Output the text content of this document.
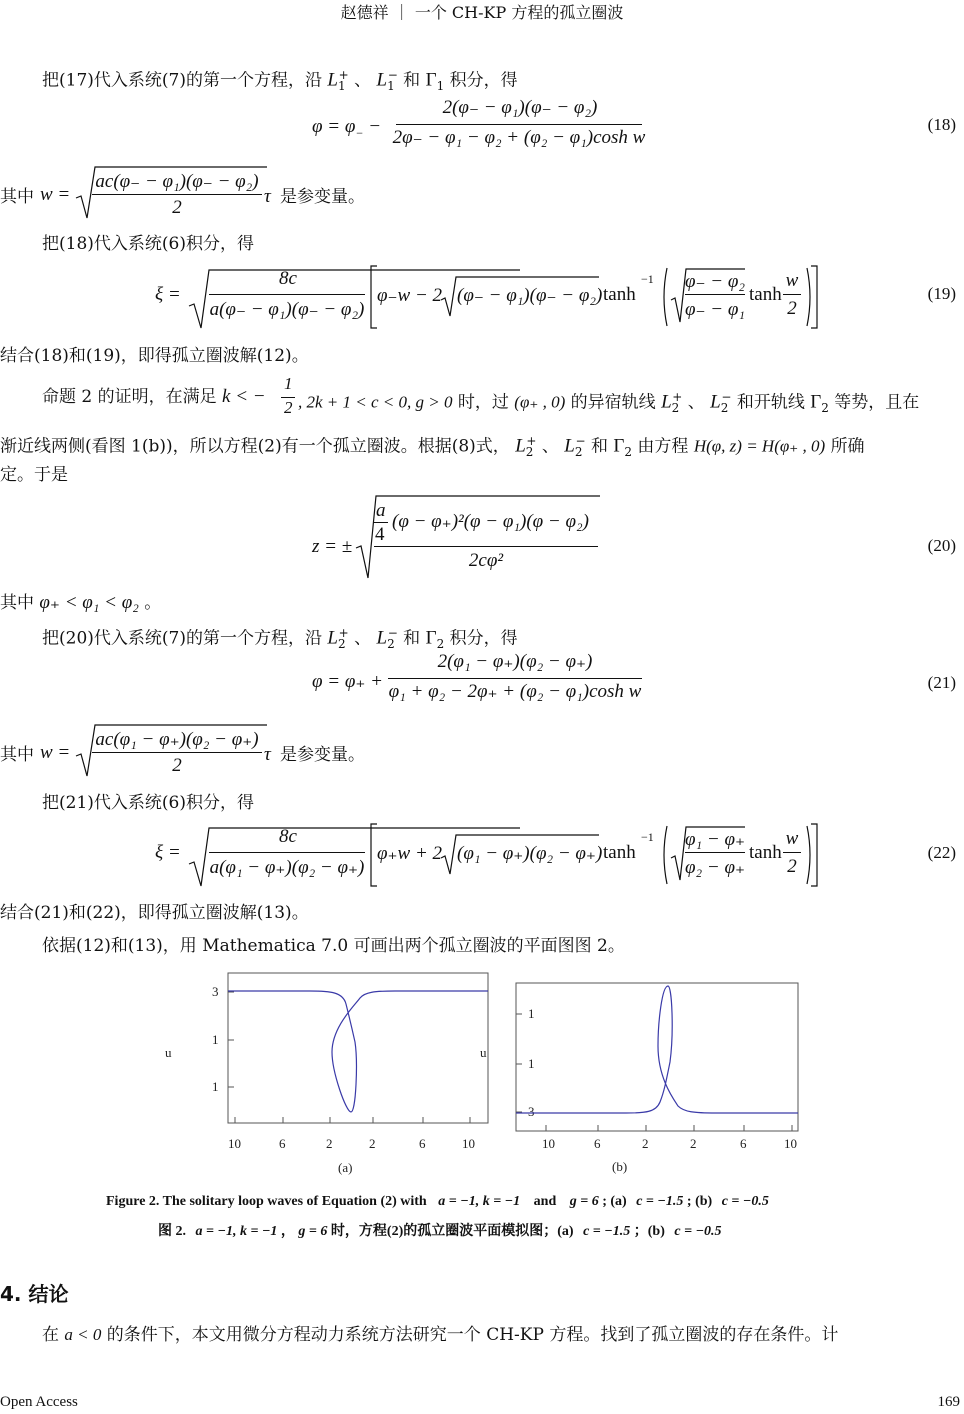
赵德祥 ｜ 一个 CH-KP 方程的孤立圈波
把(17)代入系统(7)的第一个方程，沿 $L_1^+$ 、 $L_1^-$ 和 $\Gamma_1$ 积分，得
$\varphi = \varphi_-$ −
2(φ₋ − φ₁)(φ₋ − φ₂)
2φ₋ − φ₁ − φ₂ + (φ₂ − φ₁)cosh w
(18)
其中 w =
ac(φ₋ − φ₁)(φ₋ − φ₂)
2
τ 是参变量。
把(18)代入系统(6)积分，得
ξ =
8c
a(φ₋ − φ₁)(φ₋ − φ₂)
φ₋w − 2 (φ₋ − φ₁)(φ₋ − φ₂) tanh
−1 φ₋ − φ₂
φ₋ − φ₁
tanh
w
2
(19)
结合(18)和(19)，即得孤立圈波解(12)。
命题 2 的证明，在满足 k < −
1
2 , 2k + 1 < c < 0, g > 0 时，过 (φ₊ , 0) 的异宿轨线 $L_2^+$ 、 $L_2^-$ 和开轨线 $\Gamma_2$ 等势，且在
渐近线两侧(看图 1(b))，所以方程(2)有一个孤立圈波。根据(8)式， $L_2^+$ 、 $L_2^-$ 和 $\Gamma_2$ 由方程 H(φ, z) = H(φ₊ , 0) 所确
定。于是
z = ±
a
4
(φ − φ₊)²(φ − φ₁)(φ − φ₂)
2cφ²
(20)
其中 φ₊ < φ₁ < φ₂ 。
把(20)代入系统(7)的第一个方程，沿 $L_2^+$ 、 $L_2^-$ 和 $\Gamma_2$ 积分，得
φ = φ₊ +
2(φ₁ − φ₊)(φ₂ − φ₊)
φ₁ + φ₂ − 2φ₊ + (φ₂ − φ₁)cosh w	(21)
其中 w =
ac(φ₁ − φ₊)(φ₂ − φ₊)
2
τ 是参变量。
把(21)代入系统(6)积分，得
ξ =
8c
a(φ₁ − φ₊)(φ₂ − φ₊)
φ₊w + 2 (φ₁ − φ₊)(φ₂ − φ₊) tanh
−1 φ₁ − φ₊
φ₂ − φ₊
tanh
w
2
(22)
结合(21)和(22)，即得孤立圈波解(13)。
依据(12)和(13)，用 Mathematica 7.0 可画出两个孤立圈波的平面图图 2。
u
3
1
1
10	6	2	2	6	10
(a)
u
1
1
3
10	6	2	2	6	10
(b)
Figure 2. The solitary loop waves of Equation (2) with a = −1, k = −1 and g = 6 ; (a) c = −1.5 ; (b) c = −0.5
图 2. a = −1, k = −1 ， g = 6 时，方程(2)的孤立圈波平面模拟图；(a) c = −1.5 ；(b) c = −0.5
4. 结论
在 a < 0 的条件下，本文用微分方程动力系统方法研究一个 CH-KP 方程。找到了孤立圈波的存在条件。计
Open Access	169
